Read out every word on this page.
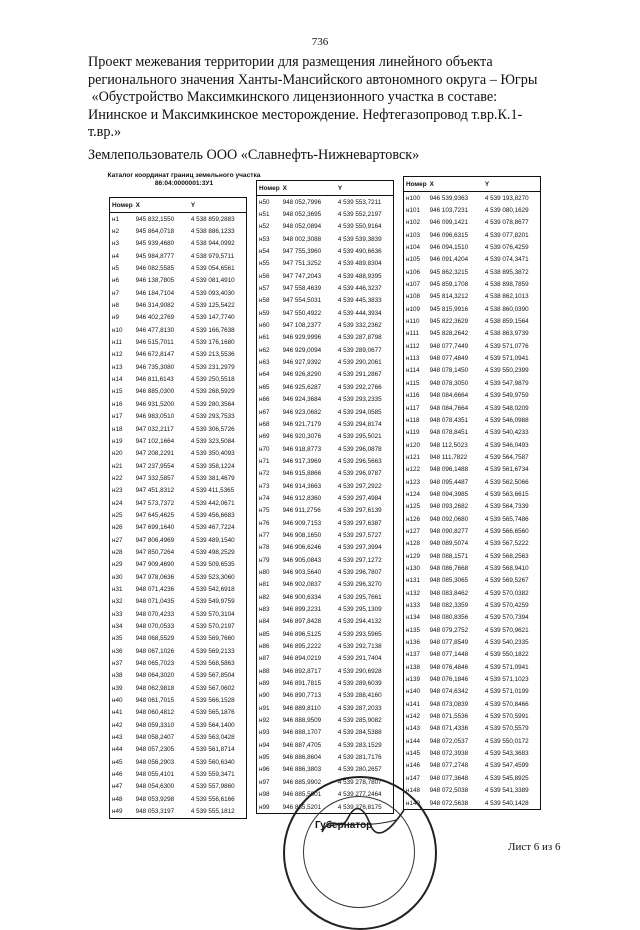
736
Проект межевания территории для размещения линейного объекта
регионального значения Ханты-Мансийского автономного округа – Югры
«Обустройство Максимкинского лицензионного участка в составе:
Ининское и Максимкинское месторождение. Нефтегазопровод т.вр.К.1-
т.вр.»
Землепользователь ООО «Славнефть-Нижневартовск»
Каталог координат границ земельного участка 86:04:0000001:3У1
Номер X	Y
н1	945 832,1550	4 538 859,2883
н2	945 864,0718	4 538 886,1233
н3	945 939,4680	4 538 944,0992
н4	945 984,8777	4 538 979,5711
н5	946 082,5585	4 539 054,6561
н6	946 138,7805	4 539 081,4910
н7	946 184,7104	4 539 093,4030
н8	946 314,9082	4 539 125,5422
н9	946 402,2769	4 539 147,7740
н10	946 477,8130	4 539 166,7638
н11	946 515,7011	4 539 176,1680
н12	946 672,8147	4 539 213,5536
н13	946 735,3080	4 539 231,2979
н14	946 811,6143	4 539 250,5518
н15	946 885,0300	4 539 268,5929
н16	946 931,5200	4 539 280,3564
н17	946 983,0510	4 539 293,7533
н18	947 032,2117	4 539 306,5726
н19	947 102,1664	4 539 323,5084
н20	947 208,2291	4 539 350,4093
н21	947 237,9554	4 539 358,1224
н22	947 332,5857	4 539 381,4679
н23	947 451,8312	4 539 411,5365
н24	947 573,7372	4 539 442,0671
н25	947 645,4625	4 539 456,6683
н26	947 699,1640	4 539 467,7224
н27	947 806,4969	4 539 489,1540
н28	947 850,7264	4 539 498,2529
н29	947 909,4690	4 539 509,6535
н30	947 978,0636	4 539 523,3060
н31	948 071,4236	4 539 542,6918
н32	948 071,0435	4 539 549,9759
н33	948 070,4233	4 539 570,3104
н34	948 070,0533	4 539 570,2197
н35	948 068,5529	4 539 569,7660
н36	948 067,1026	4 539 569,2133
н37	948 065,7023	4 539 568,5863
н38	948 064,3020	4 539 567,8504
н39	948 062,9818	4 539 567,0602
н40	948 061,7015	4 539 566,1528
н41	948 060,4812	4 539 565,1876
н42	948 059,3310	4 539 564,1400
н43	948 058,2407	4 539 563,0428
н44	948 057,2305	4 539 561,8714
н45	948 056,2903	4 539 560,6340
н46	948 055,4101	4 539 559,3471
н47	948 054,6300	4 539 557,9860
н48	948 053,9298	4 539 556,6166
н49	948 053,3197	4 539 555,1812
Номер X	Y
н50	948 052,7996	4 539 553,7211
н51	948 052,3695	4 539 552,2197
н52	948 052,0894	4 539 550,9164
н53	948 002,3088	4 539 539,3839
н54	947 755,3960	4 539 490,6636
н55	947 751,3252	4 539 489,8304
н56	947 747,2043	4 539 488,9395
н57	947 558,4639	4 539 446,3237
н58	947 554,5031	4 539 445,3833
н59	947 550,4922	4 539 444,3934
н60	947 108,2377	4 539 332,2362
н61	946 929,9996	4 539 287,8798
н62	946 929,0094	4 539 289,0677
н63	946 927,9392	4 539 290,2061
н64	946 926,8290	4 539 291,2867
н65	946 925,6287	4 539 292,2766
н66	946 924,3684	4 539 293,2335
н67	946 923,0682	4 539 294,0585
н68	946 921,7179	4 539 294,8174
н69	946 920,3076	4 539 295,5021
н70	946 918,8773	4 539 296,0878
н71	946 917,3969	4 539 296,5663
н72	946 915,8866	4 539 296,9787
н73	946 914,3663	4 539 297,2922
н74	946 912,8360	4 539 297,4984
н75	946 911,2756	4 539 297,6139
н76	946 909,7153	4 539 297,6387
н77	946 908,1650	4 539 297,5727
н78	946 906,6246	4 539 297,3994
н79	946 905,0843	4 539 297,1272
н80	946 903,5640	4 539 296,7807
н81	946 902,0837	4 539 296,3270
н82	946 900,6334	4 539 295,7661
н83	946 899,2231	4 539 295,1309
н84	946 897,8428	4 539 294,4132
н85	946 896,5125	4 539 293,5965
н86	946 895,2222	4 539 292,7138
н87	946 894,0219	4 539 291,7404
н88	946 892,8717	4 539 290,6928
н89	946 891,7815	4 539 289,6039
н90	946 890,7713	4 539 288,4160
н91	946 889,8110	4 539 287,2033
н92	946 888,9509	4 539 285,9082
н93	946 888,1707	4 539 284,5388
н94	946 887,4705	4 539 283,1529
н95	946 886,8604	4 539 281,7176
н96	946 886,3803	4 539 280,2657
н97	946 885,9902	4 539 278,7807
н98	946 885,5801	4 539 277,2464
н99	946 885,5201	4 539 276,8175
Номер X	Y
н100	946 539,9363	4 539 193,8270
н101	946 103,7231	4 539 080,1629
н102	946 099,1421	4 539 078,8677
н103	946 096,6315	4 539 077,8201
н104	946 094,1510	4 539 076,4259
н105	946 091,4204	4 539 074,3471
н106	945 862,3215	4 538 895,3872
н107	945 859,1708	4 538 898,7859
н108	945 814,3212	4 538 862,1013
н109	945 815,9916	4 538 860,0390
н110	945 822,3629	4 538 859,1564
н111	945 828,2642	4 538 863,9739
н112	948 077,7449	4 539 571,0776
н113	948 077,4849	4 539 571,0941
н114	948 078,1450	4 539 550,2399
н115	948 078,3050	4 539 547,9879
н116	948 084,6664	4 539 549,9759
н117	948 084,7664	4 539 548,0209
н118	948 078,4351	4 539 546,0988
н119	948 078,8451	4 539 540,4233
н120	948 112,5023	4 539 546,0493
н121	948 111,7822	4 539 564,7587
н122	948 096,1488	4 539 561,6734
н123	948 095,4487	4 539 562,5066
н124	948 094,3985	4 539 563,6615
н125	948 093,2682	4 539 564,7339
н126	948 092,0680	4 539 565,7486
н127	948 090,8277	4 539 566,6560
н128	948 089,5074	4 539 567,5222
н129	948 088,1571	4 539 568,2563
н130	948 086,7668	4 539 568,9410
н131	948 085,3065	4 539 569,5267
н132	948 083,8462	4 539 570,0382
н133	948 082,3359	4 539 570,4259
н134	948 080,8356	4 539 570,7394
н135	948 079,2752	4 539 570,9621
н136	948 077,8549	4 539 540,2335
н137	948 077,1448	4 539 550,1822
н138	948 076,4846	4 539 571,0941
н139	948 076,1846	4 539 571,1023
н140	948 074,6342	4 539 571,0199
н141	948 073,0839	4 539 570,8466
н142	948 071,5536	4 539 570,5991
н143	948 071,4336	4 539 570,5579
н144	948 072,0537	4 539 550,0172
н145	948 072,3938	4 539 543,3683
н146	948 077,2748	4 539 547,4599
н147	948 077,3648	4 539 545,8925
н148	948 072,5038	4 539 541,3389
н149	948 072,5638	4 539 540,1428
Губернатор
Лист 6 из 6
